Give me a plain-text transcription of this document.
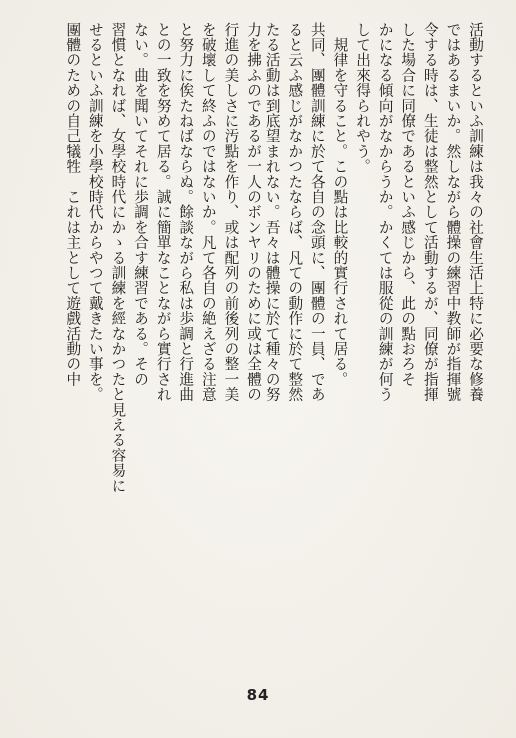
活動するといふ訓練は我々の社會生活上特に必要な修養

ではあるまいか。然しながら體操の練習中教師が指揮號

令する時は、生徒は整然として活動するが、同僚が指揮

した場合に同僚であるといふ感じから、此の點おろそ

かになる傾向がなからうか。かくては服從の訓練が何う

して出來得られやう。

　規律を守ること。この點は比較的實行されて居る。

共同、團體訓練に於て各自の念頭に、團體の一員、であ

ると云ふ感じがなかつたならば、凡ての動作に於て整然

たる活動は到底望まれない。吾々は體操に於て種々の努

力を拂ふのであるが一人のボンヤリのために或は全體の

行進の美しさに汚點を作り、或は配列の前後列の整一美

を破壞して終ふのではないか。凡て各自の絶えざる注意

と努力に俟たねばならぬ。餘談ながら私は歩調と行進曲

との一致を努めて居る。誠に簡單なことながら實行され

ない。曲を聞いてそれに歩調を合す練習である。その

習慣となれば、女學校時代にかゝる訓練を經なかつたと見える容易に

せるといふ訓練を小學校時代からやつて戴きたい事を。

團體のための自己犠牲　これは主として遊戲活動の中

84
